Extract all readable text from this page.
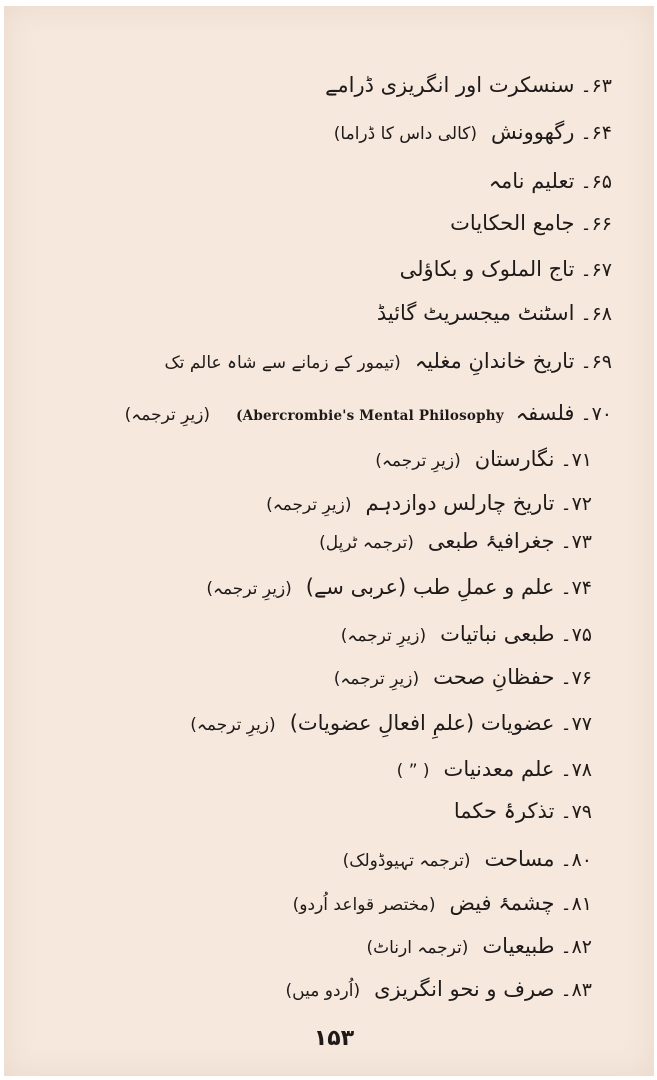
۶۳۔سنسکرت اور انگریزی ڈرامے
۶۴۔رگھوونش(کالی داس کا ڈراما)
۶۵۔تعلیم نامہ
۶۶۔جامع الحکایات
۶۷۔تاج الملوک و بکاؤلی
۶۸۔اسٹنٹ میجسریٹ گائیڈ
۶۹۔تاریخ خاندانِ مغلیہ(تیمور کے زمانے سے شاہ عالم تک
۷۰۔فلسفہ(Abercrombie's Mental Philosophy(زیرِ ترجمہ)
۷۱۔نگارستان(زیرِ ترجمہ)
۷۲۔تاریخ چارلس دوازدہم(زیرِ ترجمہ)
۷۳۔جغرافیۂ طبعی(ترجمہ ٹرپل)
۷۴۔علم و عملِ طب (عربی سے)(زیرِ ترجمہ)
۷۵۔طبعی نباتیات(زیرِ ترجمہ)
۷۶۔حفظانِ صحت(زیرِ ترجمہ)
۷۷۔عضویات (علمِ افعالِ عضویات)(زیرِ ترجمہ)
۷۸۔علم معدنیات( ” )
۷۹۔تذکرۂ حکما
۸۰۔مساحت(ترجمہ تہیوڈولک)
۸۱۔چشمۂ فیض(مختصر قواعد اُردو)
۸۲۔طبیعیات(ترجمہ ارناٹ)
۸۳۔صرف و نحو انگریزی(اُردو میں)
۱۵۳
